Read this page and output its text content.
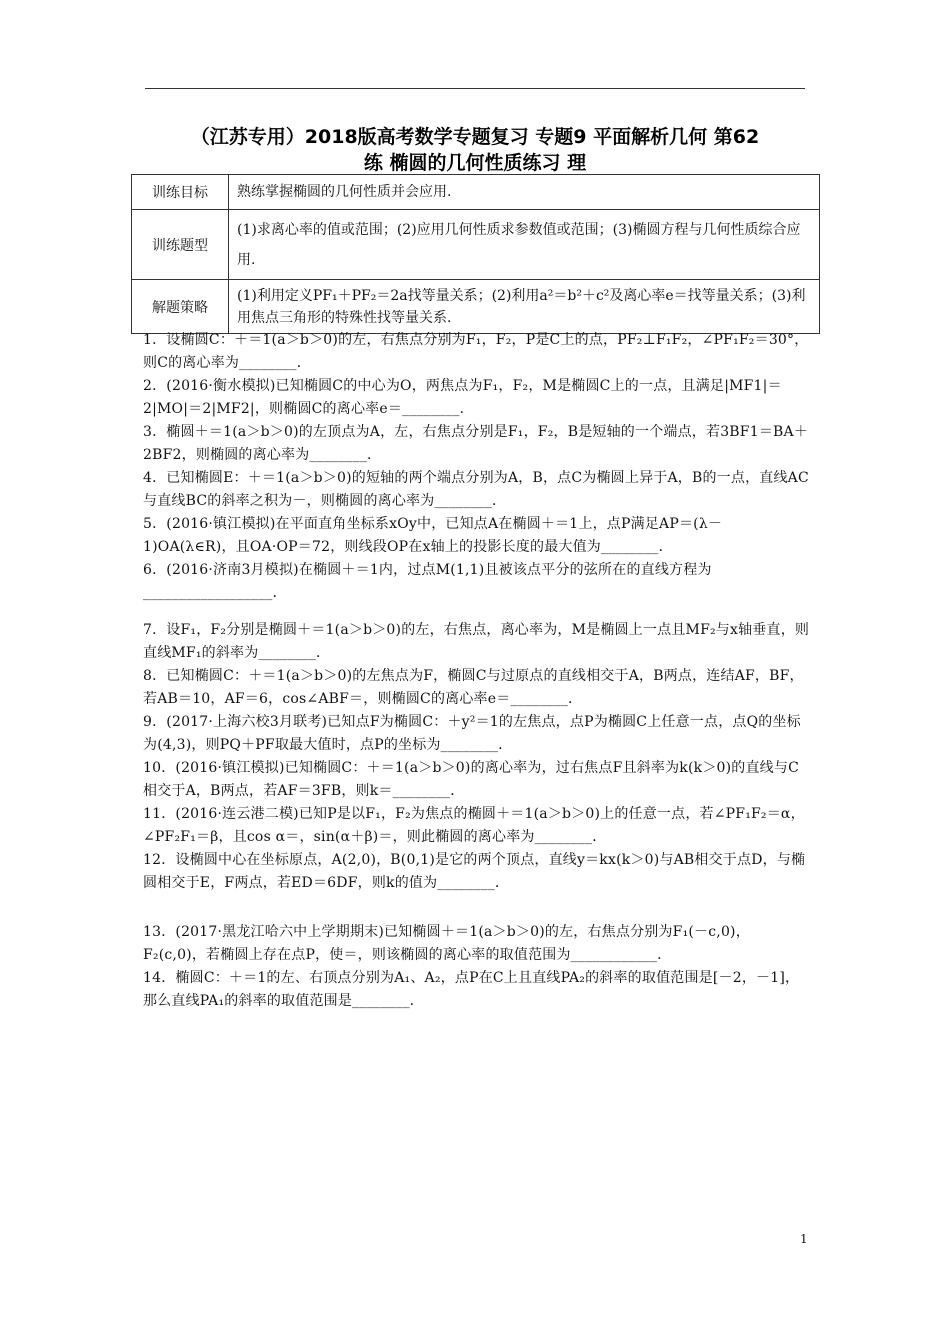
（江苏专用）2018版高考数学专题复习 专题9 平面解析几何 第62
练 椭圆的几何性质练习 理
训练目标	熟练掌握椭圆的几何性质并会应用.
训练题型	(1)求离心率的值或范围；(2)应用几何性质求参数值或范围；(3)椭圆方程与几何性质综合应用.
解题策略	(1)利用定义PF₁＋PF₂＝2a找等量关系；(2)利用a²＝b²＋c²及离心率e＝找等量关系；(3)利用焦点三角形的特殊性找等量关系.

1．设椭圆C：＋＝1(a＞b＞0)的左，右焦点分别为F₁，F₂，P是C上的点，PF₂⊥F₁F₂，∠PF₁F₂＝30°，则C的离心率为________．

2．(2016·衡水模拟)已知椭圆C的中心为O，两焦点为F₁，F₂，M是椭圆C上的一点，且满足|MF1|＝2|MO|＝2|MF2|，则椭圆C的离心率e＝________．

3．椭圆＋＝1(a＞b＞0)的左顶点为A，左，右焦点分别是F₁，F₂，B是短轴的一个端点，若3BF1＝BA＋2BF2，则椭圆的离心率为________．

4．已知椭圆E：＋＝1(a＞b＞0)的短轴的两个端点分别为A，B，点C为椭圆上异于A，B的一点，直线AC与直线BC的斜率之积为－，则椭圆的离心率为________．

5．(2016·镇江模拟)在平面直角坐标系xOy中，已知点A在椭圆＋＝1上，点P满足AP＝(λ－1)OA(λ∈R)，且OA·OP＝72，则线段OP在x轴上的投影长度的最大值为________．

6．(2016·济南3月模拟)在椭圆＋＝1内，过点M(1,1)且被该点平分的弦所在的直线方程为__________________．

7．设F₁，F₂分别是椭圆＋＝1(a＞b＞0)的左，右焦点，离心率为，M是椭圆上一点且MF₂与x轴垂直，则直线MF₁的斜率为________．

8．已知椭圆C：＋＝1(a＞b＞0)的左焦点为F，椭圆C与过原点的直线相交于A，B两点，连结AF，BF，若AB＝10，AF＝6，cos∠ABF＝，则椭圆C的离心率e＝________．

9．(2017·上海六校3月联考)已知点F为椭圆C：＋y²＝1的左焦点，点P为椭圆C上任意一点，点Q的坐标为(4,3)，则PQ＋PF取最大值时，点P的坐标为________．

10．(2016·镇江模拟)已知椭圆C：＋＝1(a＞b＞0)的离心率为，过右焦点F且斜率为k(k＞0)的直线与C相交于A，B两点，若AF＝3FB，则k＝________．

11．(2016·连云港二模)已知P是以F₁，F₂为焦点的椭圆＋＝1(a＞b＞0)上的任意一点，若∠PF₁F₂＝α，∠PF₂F₁＝β，且cos α＝，sin(α＋β)＝，则此椭圆的离心率为________．

12．设椭圆中心在坐标原点，A(2,0)，B(0,1)是它的两个顶点，直线y＝kx(k＞0)与AB相交于点D，与椭圆相交于E，F两点，若ED＝6DF，则k的值为________．

13．(2017·黑龙江哈六中上学期期末)已知椭圆＋＝1(a＞b＞0)的左，右焦点分别为F₁(－c,0)，F₂(c,0)，若椭圆上存在点P，使＝，则该椭圆的离心率的取值范围为____________．

14．椭圆C：＋＝1的左、右顶点分别为A₁、A₂，点P在C上且直线PA₂的斜率的取值范围是[－2，－1]，那么直线PA₁的斜率的取值范围是________．

1
